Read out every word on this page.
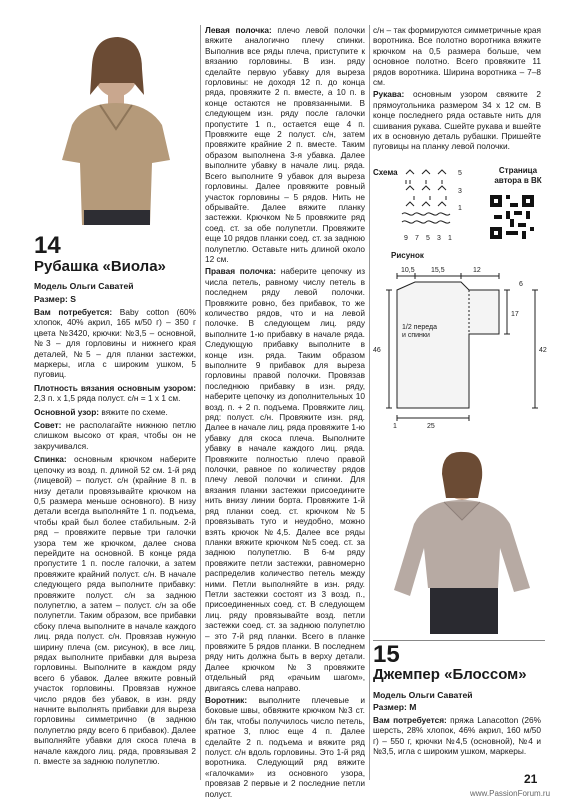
14
Рубашка «Виола»
Модель Ольги Саватей
Размер: S

Вам потребуется: Baby cotton (60% хлопок, 40% акрил, 165 м/50 г) – 350 г цвета №3420, крючки: №3,5 – основной, №3 – для горловины и нижнего края деталей, №5 – для планки застежки, маркеры, игла с широким ушком, 5 пуговиц.

Плотность вязания основным узором: 2,3 п. х 1,5 ряда полуст. с/н = 1 х 1 см.

Основной узор: вяжите по схеме.

Совет: не располагайте нижнюю петлю слишком высоко от края, чтобы он не закручивался.

Спинка: основным крючком наберите цепочку из возд. п. длиной 52 см. 1-й ряд (лицевой) – полуст. с/н (крайние 8 п. в низу детали провязывайте крючком на 0,5 размера меньше основного). В низу детали всегда выполняйте 1 п. подъема, чтобы край был более стабильным. 2-й ряд – провяжите первые три галочки узора тем же крючком, далее снова перейдите на основной. В конце ряда пропустите 1 п. после галочки, а затем провяжите крайний полуст. с/н. В начале следующего ряда выполните прибавку: провяжите полуст. с/н за заднюю полупетлю, а затем – полуст. с/н за обе полупетли. Таким образом, все прибавки сбоку плеча выполните в начале каждого лиц. ряда полуст. с/н. Провязав нужную ширину плеча (см. рисунок), в все лиц. рядах выполните прибавки для выреза горловины. Выполните в каждом ряду всего 6 убавок. Далее вяжите ровный участок горловины. Провязав нужное число рядов без убавок, в изн. ряду начните выполнять прибавки для выреза горловины симметрично (в заднюю полупетлю ряду всего 6 прибавок). Далее выполняйте убавки для скоса плеча в начале каждого лиц. ряда, провязывая 2 п. вместе за заднюю полупетлю.

Левая полочка: плечо левой полочки вяжите аналогично плечу спинки. Выполнив все ряды плеча, приступите к вязанию горловины. В изн. ряду сделайте первую убавку для выреза горловины: не доходя 12 п. до конца ряда, провяжите 2 п. вместе, а 10 п. в конце остаются не провязанными. В следующем изн. ряду после галочки пропустите 1 п., остается еще 4 п. Провяжите еще 2 полуст. с/н, затем провяжите крайние 2 п. вместе. Таким образом выполнена 3-я убавка. Далее выполните убавку в начале лиц. ряда. Всего выполните 9 убавок для выреза горловины. Далее провяжите ровный участок горловины – 5 рядов. Нить не обрывайте. Далее вяжите планку застежки. Крючком №5 провяжите ряд соед. ст. за обе полупетли. Провяжите еще 10 рядов планки соед. ст. за заднюю полупетлю. Оставьте нить длиной около 12 см.

Правая полочка: наберите цепочку из числа петель, равному числу петель в последнем ряду левой полочки. Провяжите ровно, без прибавок, то же количество рядов, что и на левой полочке. В следующем лиц. ряду выполните 1-ю прибавку в начале ряда. Следующую прибавку выполните в конце изн. ряда. Таким образом выполните 9 прибавок для выреза горловины правой полочки. Провязав последнюю прибавку в изн. ряду, наберите цепочку из дополнительных 10 возд. п. + 2 п. подъема. Провяжите лиц. ряд: полуст. с/н. Провяжите изн. ряд. Далее в начале лиц. ряда провяжите 1-ю убавку для скоса плеча. Выполните убавку в начале каждого лиц. ряда. Провяжите полностью плечо правой полочки, равное по количеству рядов плечу левой полочки и спинки. Для вязания планки застежки присоедините нить внизу линии борта. Провяжите 1-й ряд планки соед. ст. крючком №5 провязывать туго и неудобно, можно взять крючок №4,5. Далее все ряды планки вяжите крючком №5 соед. ст. за заднюю полупетлю. В 6-м ряду провяжите петли застежки, равномерно распределив количество петель между ними. Петли выполняйте в изн. ряду. Петли застежки состоят из 3 возд. п., присоединенных соед. ст. В следующем лиц. ряду провязывайте возд. петли застежки соед. ст. за заднюю полупетлю – это 7-й ряд планки. Всего в планке провяжите 5 рядов планки. В последнем ряду нить должна быть в верху детали. Далее крючком №3 провяжите отдельный ряд «рачьим шагом», двигаясь слева направо.

Воротник: выполните плечевые и боковые швы, обвяжите крючком №3 ст. б/н так, чтобы получилось число петель, кратное 3, плюс еще 4 п. Далее сделайте 2 п. подъема и вяжите ряд полуст. с/н вдоль горловины. Это 1-й ряд воротника. Следующий ряд вяжите «галочками» из основного узора, провязав 2 первые и 2 последние петли полуст.

с/н – так формируются симметричные края воротника. Все полотно воротника вяжите крючком на 0,5 размера больше, чем основное полотно. Всего провяжите 11 рядов воротника. Ширина воротника – 7–8 см.

Рукава: основным узором свяжите 2 прямоугольника размером 34 х 12 см. В конце последнего ряда оставьте нить для сшивания рукава. Сшейте рукава и вшейте их в основную деталь рубашки. Пришейте пуговицы на планку левой полочки.

Схема	5
3
1
9 7 5 3 1
Страница автора в ВК
Рисунок
10,5 15,5	12
6
46
17
42
1	25
1/2 переда и спинки
15
Джемпер «Блоссом»
Модель Ольги Саватей
Размер: М

Вам потребуется: пряжа Lanacotton (26% шерсть, 28% хлопок, 46% акрил, 160 м/50 г) – 550 г, крючки №4,5 (основной), №4 и №3,5, игла с широким ушком, маркеры.

21
www.PassionForum.ru
